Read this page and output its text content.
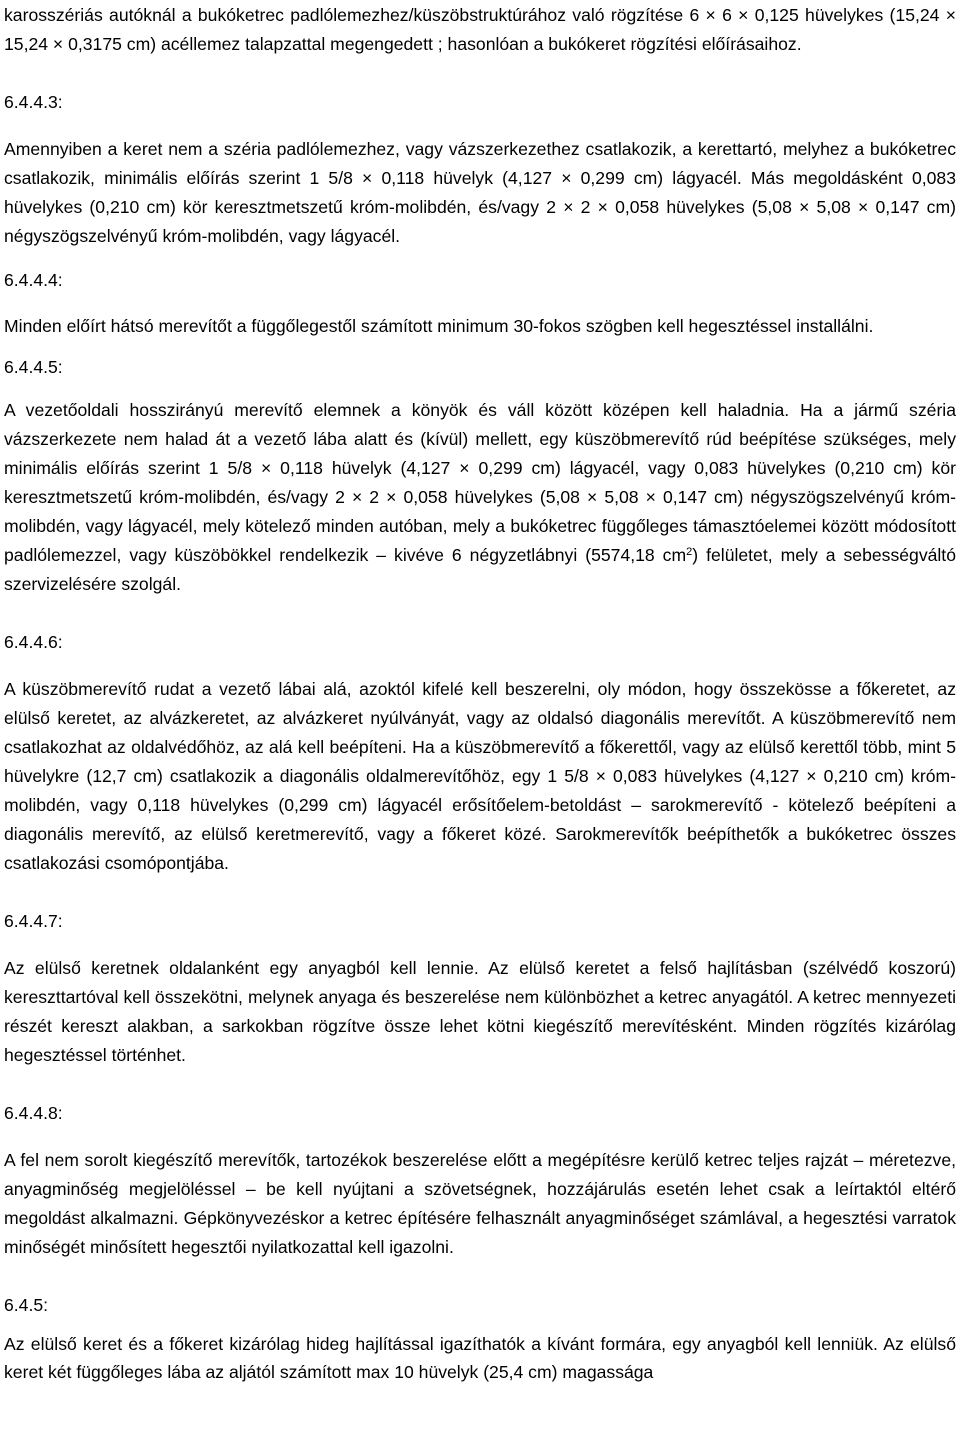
karosszériás autóknál a bukóketrec padlólemezhez/küszöbstruktúrához való rögzítése 6 × 6 × 0,125 hüvelykes (15,24 × 15,24 × 0,3175 cm) acéllemez talapzattal megengedett ; hasonlóan a bukókeret rögzítési előírásaihoz.

6.4.4.3:

Amennyiben a keret nem a széria padlólemezhez, vagy vázszerkezethez csatlakozik, a kerettartó, melyhez a bukóketrec csatlakozik, minimális előírás szerint 1 5/8 × 0,118 hüvelyk (4,127 × 0,299 cm) lágyacél. Más megoldásként 0,083 hüvelykes (0,210 cm) kör keresztmetszetű króm-molibdén, és/vagy 2 × 2 × 0,058 hüvelykes (5,08 × 5,08 × 0,147 cm) négyszögszelvényű króm-molibdén, vagy lágyacél.

6.4.4.4:

Minden előírt hátsó merevítőt a függőlegestől számított minimum 30-fokos szögben kell hegesztéssel installálni.

6.4.4.5:

A vezetőoldali hosszirányú merevítő elemnek a könyök és váll között középen kell haladnia. Ha a jármű széria vázszerkezete nem halad át a vezető lába alatt és (kívül) mellett, egy küszöbmerevítő rúd beépítése szükséges, mely minimális előírás szerint 1 5/8 × 0,118 hüvelyk (4,127 × 0,299 cm) lágyacél, vagy 0,083 hüvelykes (0,210 cm) kör keresztmetszetű króm-molibdén, és/vagy 2 × 2 × 0,058 hüvelykes (5,08 × 5,08 × 0,147 cm) négyszögszelvényű króm-molibdén, vagy lágyacél, mely kötelező minden autóban, mely a bukóketrec függőleges támasztóelemei között módosított padlólemezzel, vagy küszöbökkel rendelkezik – kivéve 6 négyzetlábnyi (5574,18 $cm^2$) felületet, mely a sebességváltó szervizelésére szolgál.

6.4.4.6:

A küszöbmerevítő rudat a vezető lábai alá, azoktól kifelé kell beszerelni, oly módon, hogy összekösse a főkeretet, az elülső keretet, az alvázkeretet, az alvázkeret nyúlványát, vagy az oldalsó diagonális merevítőt. A küszöbmerevítő nem csatlakozhat az oldalvédőhöz, az alá kell beépíteni. Ha a küszöbmerevítő a főkerettől, vagy az elülső kerettől több, mint 5 hüvelykre (12,7 cm) csatlakozik a diagonális oldalmerevítőhöz, egy 1 5/8 × 0,083 hüvelykes (4,127 × 0,210 cm) króm-molibdén, vagy 0,118 hüvelykes (0,299 cm) lágyacél erősítőelem-betoldást – sarokmerevítő - kötelező beépíteni a diagonális merevítő, az elülső keretmerevítő, vagy a főkeret közé. Sarokmerevítők beépíthetők a bukóketrec összes csatlakozási csomópontjába.

6.4.4.7:

Az elülső keretnek oldalanként egy anyagból kell lennie. Az elülső keretet a felső hajlításban (szélvédő koszorú) kereszttartóval kell összekötni, melynek anyaga és beszerelése nem különbözhet a ketrec anyagától. A ketrec mennyezeti részét kereszt alakban, a sarkokban rögzítve össze lehet kötni kiegészítő merevítésként. Minden rögzítés kizárólag hegesztéssel történhet.

6.4.4.8:

A fel nem sorolt kiegészítő merevítők, tartozékok beszerelése előtt a megépítésre kerülő ketrec teljes rajzát – méretezve, anyagminőség megjelöléssel – be kell nyújtani a szövetségnek, hozzájárulás esetén lehet csak a leírtaktól eltérő megoldást alkalmazni. Gépkönyvezéskor a ketrec építésére felhasznált anyagminőséget számlával, a hegesztési varratok minőségét minősített hegesztői nyilatkozattal kell igazolni.

6.4.5:

Az elülső keret és a főkeret kizárólag hideg hajlítással igazíthatók a kívánt formára, egy anyagból kell lenniük. Az elülső keret két függőleges lába az aljától számított max 10 hüvelyk (25,4 cm) magassága
